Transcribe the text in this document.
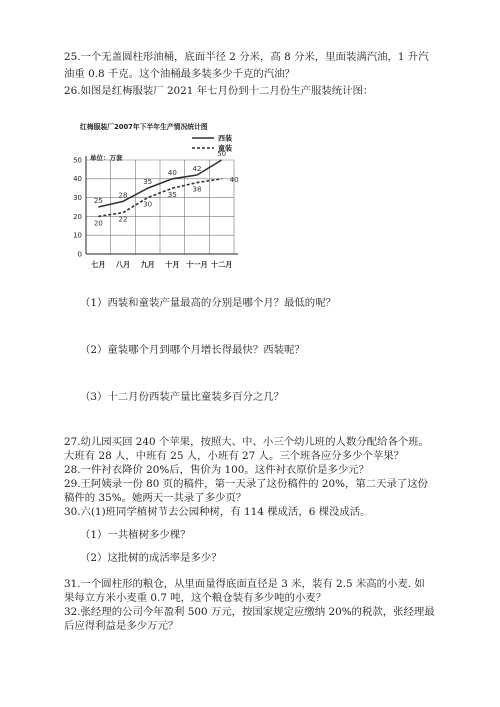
25.一个无盖圆柱形油桶，底面半径 2 分米，高 8 分米，里面装满汽油，1 升汽
油重 0.8 千克。这个油桶最多装多少千克的汽油？
26.如图是红梅服装厂 2021 年七月份到十二月份生产服装统计图：
红梅服装厂2007年下半年生产情况统计图
单位：万套
0
10
20
30
40
50
七月 八月 九月 十月 十一月 十二月
25
28
35
40 42
50
20 22
30
35
38
40
西装
童装
（1）西装和童装产量最高的分别是哪个月？最低的呢？
（2）童装哪个月到哪个月增长得最快？西装呢？
（3）十二月份西装产量比童装多百分之几？
27.幼儿园买回 240 个苹果，按照大、中、小三个幼儿班的人数分配给各个班。
大班有 28 人，中班有 25 人，小班有 27 人。三个班各应分多少个苹果？
28.一件衬衣降价 20%后，售价为 100。这件衬衣原价是多少元？
29.王阿姨录一份 80 页的稿件，第一天录了这份稿件的 20%，第二天录了这份
稿件的 35%。她两天一共录了多少页？
30.六(1)班同学植树节去公园种树，有 114 棵成活，6 棵没成活。
（1）一共植树多少棵？
（2）这批树的成活率是多少？
31.一个圆柱形的粮仓，从里面量得底面直径是 3 米，装有 2.5 米高的小麦. 如
果每立方米小麦重 0.7 吨，这个粮仓装有多少吨的小麦？
32.张经理的公司今年盈利 500 万元，按国家规定应缴纳 20%的税款，张经理最
后应得利益是多少万元？
